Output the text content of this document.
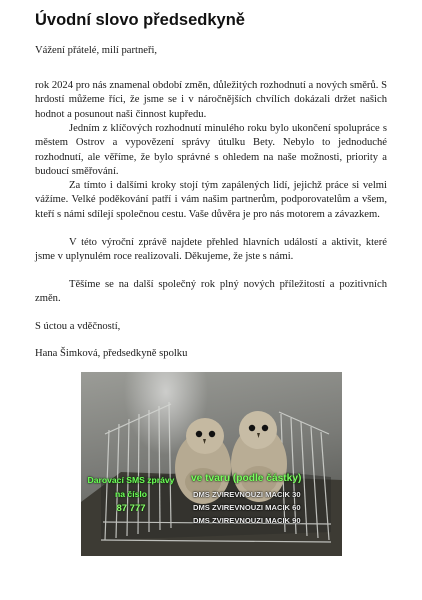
Úvodní slovo předsedkyně

Vážení přátelé, milí partneři,

rok 2024 pro nás znamenal období změn, důležitých rozhodnutí a nových směrů. S hrdostí můžeme říci, že jsme se i v náročnějších chvílích dokázali držet našich hodnot a posunout naši činnost kupředu.

Jedním z klíčových rozhodnutí minulého roku bylo ukončení spolupráce s městem Ostrov a vypovězení správy útulku Bety. Nebylo to jednoduché rozhodnutí, ale věříme, že bylo správné s ohledem na naše možnosti, priority a budoucí směřování.

Za tímto i dalšími kroky stojí tým zapálených lidí, jejichž práce si velmi vážíme. Velké poděkování patří i vám našim partnerům, podporovatelům a všem, kteří s námi sdílejí společnou cestu. Vaše důvěra je pro nás motorem a závazkem.

V této výroční zprávě najdete přehled hlavních událostí a aktivit, které jsme v uplynulém roce realizovali. Děkujeme, že jste s námi.

Těšíme se na další společný rok plný nových příležitostí a pozitivních změn.

S úctou a vděčností,

Hana Šimková, předsedkyně spolku

Darovací SMS zprávy

na číslo

87 777

ve tvaru (podle částky)

DMS ZVIREVNOUZI MACIK 30

DMS ZVIREVNOUZI MACIK 60

DMS ZVIREVNOUZI MACIK 90
